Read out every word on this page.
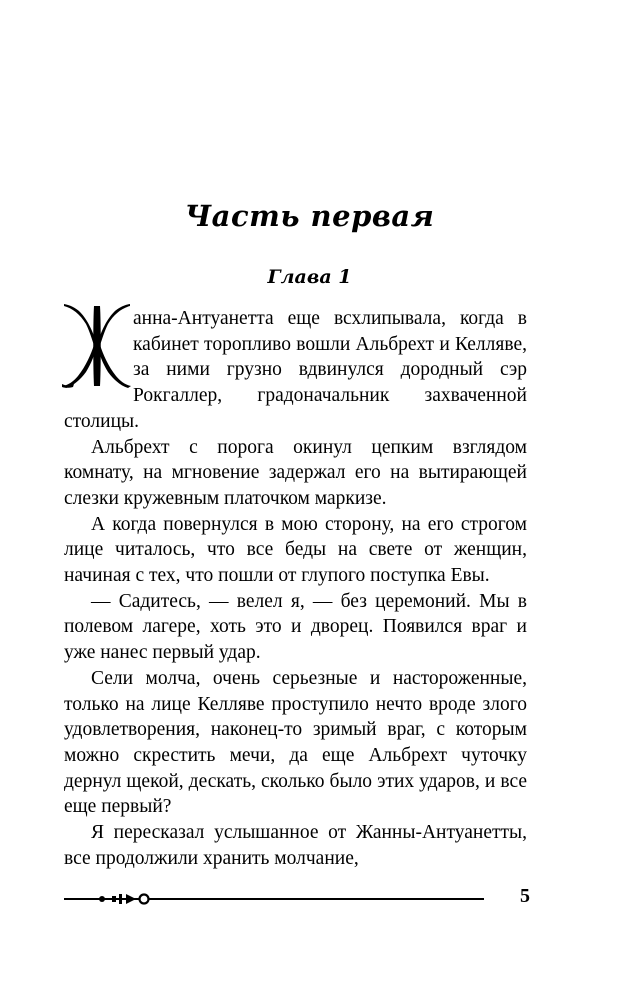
Часть первая
Глава 1

анна-Антуанетта еще всхлипывала, когда в кабинет торопливо вошли Альбрехт и Келляве, за ними грузно вдвинулся дородный сэр Рокгаллер, градоначальник захваченной столицы.

Альбрехт с порога окинул цепким взглядом комнату, на мгновение задержал его на вытирающей слезки кружевным платочком маркизе.

А когда повернулся в мою сторону, на его строгом лице читалось, что все беды на свете от женщин, начиная с тех, что пошли от глупого поступка Евы.

— Садитесь, — велел я, — без церемоний. Мы в полевом лагере, хоть это и дворец. Появился враг и уже нанес первый удар.

Сели молча, очень серьезные и настороженные, только на лице Келляве проступило нечто вроде злого удовлетворения, наконец-то зримый враг, с которым можно скрестить мечи, да еще Альбрехт чуточку дернул щекой, дескать, сколько было этих ударов, и все еще первый?

Я пересказал услышанное от Жанны-Антуанетты, все продолжили хранить молчание,

5
